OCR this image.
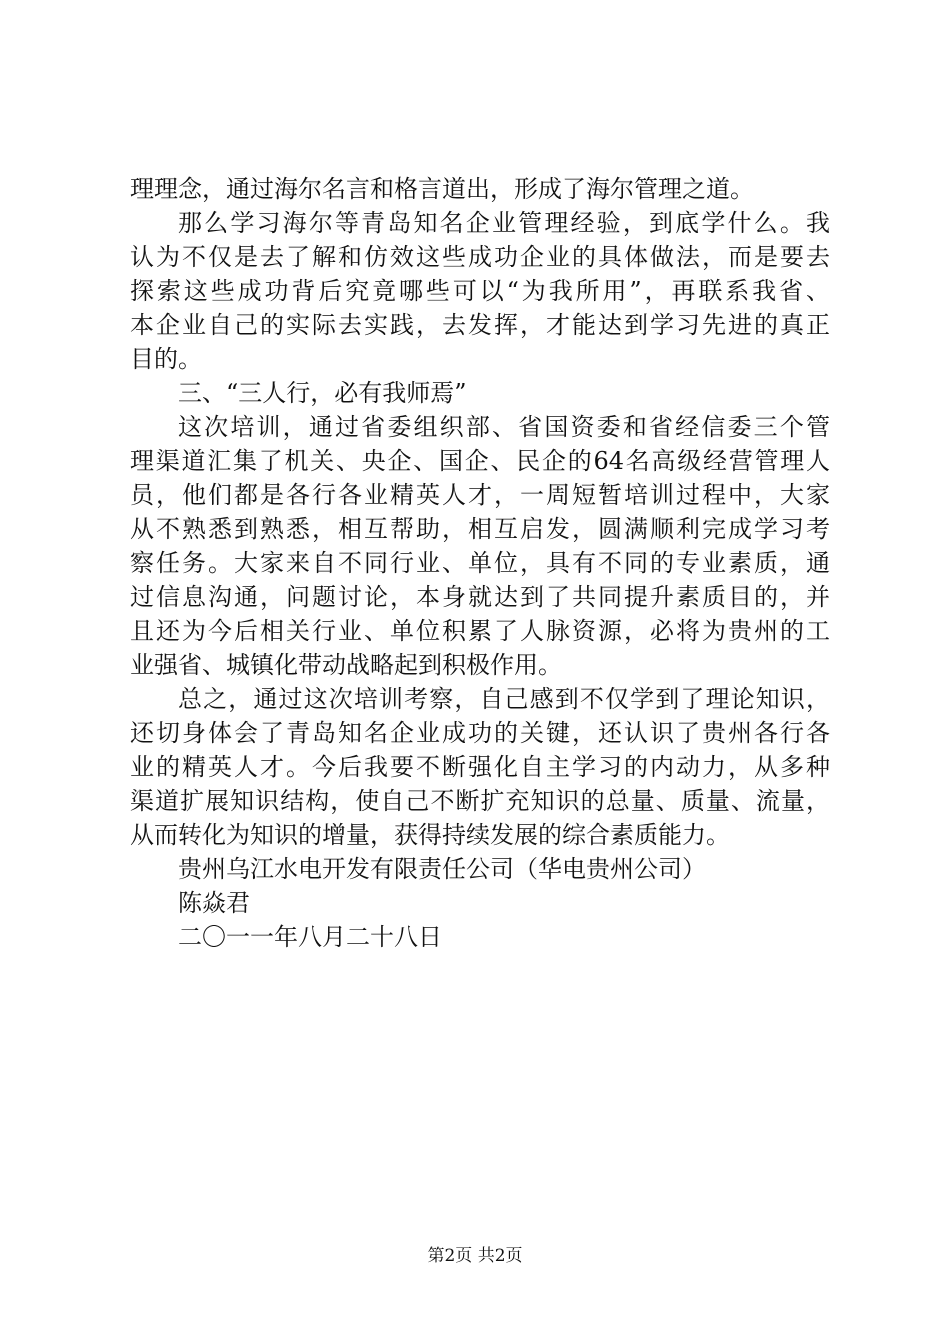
理理念，通过海尔名言和格言道出，形成了海尔管理之道。
那么学习海尔等青岛知名企业管理经验，到底学什么。我
认为不仅是去了解和仿效这些成功企业的具体做法，而是要去
探索这些成功背后究竟哪些可以“为我所用”，再联系我省、
本企业自己的实际去实践，去发挥，才能达到学习先进的真正
目的。
三、“三人行，必有我师焉”
这次培训，通过省委组织部、省国资委和省经信委三个管
理渠道汇集了机关、央企、国企、民企的64名高级经营管理人
员，他们都是各行各业精英人才，一周短暂培训过程中，大家
从不熟悉到熟悉，相互帮助，相互启发，圆满顺利完成学习考
察任务。大家来自不同行业、单位，具有不同的专业素质，通
过信息沟通，问题讨论，本身就达到了共同提升素质目的，并
且还为今后相关行业、单位积累了人脉资源，必将为贵州的工
业强省、城镇化带动战略起到积极作用。
总之，通过这次培训考察，自己感到不仅学到了理论知识，
还切身体会了青岛知名企业成功的关键，还认识了贵州各行各
业的精英人才。今后我要不断强化自主学习的内动力，从多种
渠道扩展知识结构，使自己不断扩充知识的总量、质量、流量，
从而转化为知识的增量，获得持续发展的综合素质能力。
贵州乌江水电开发有限责任公司（华电贵州公司）
陈焱君
二〇一一年八月二十八日
第2页 共2页
